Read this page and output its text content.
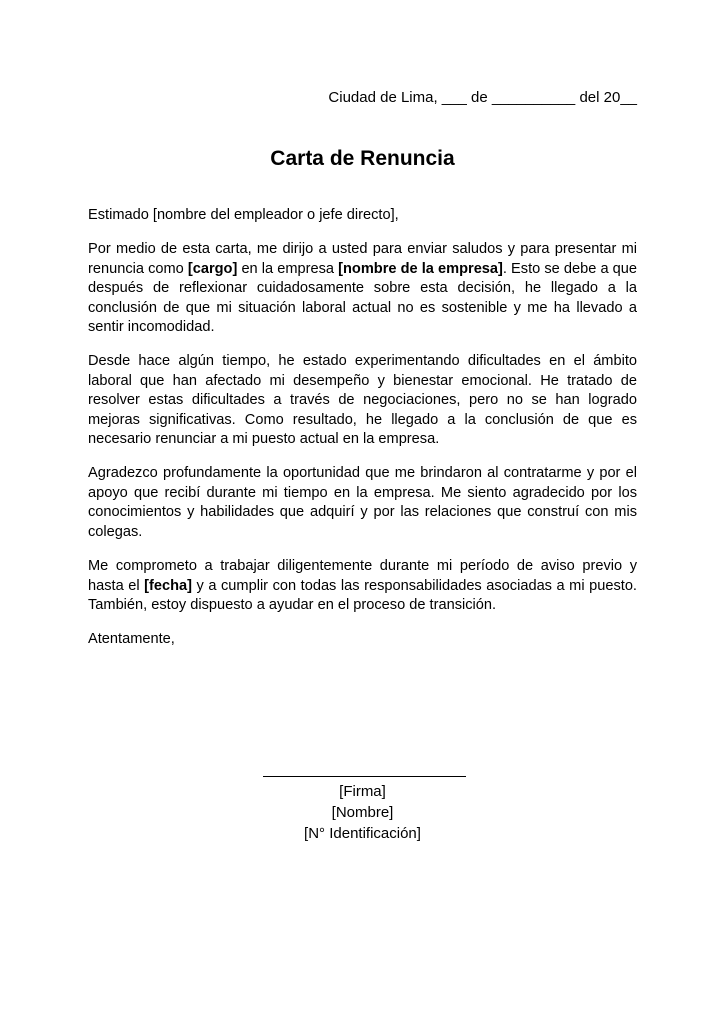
Ciudad de Lima, ___ de __________ del 20__
Carta de Renuncia

Estimado [nombre del empleador o jefe directo],

Por medio de esta carta, me dirijo a usted para enviar saludos y para presentar mi renuncia como [cargo] en la empresa [nombre de la empresa]. Esto se debe a que después de reflexionar cuidadosamente sobre esta decisión, he llegado a la conclusión de que mi situación laboral actual no es sostenible y me ha llevado a sentir incomodidad.

Desde hace algún tiempo, he estado experimentando dificultades en el ámbito laboral que han afectado mi desempeño y bienestar emocional. He tratado de resolver estas dificultades a través de negociaciones, pero no se han logrado mejoras significativas. Como resultado, he llegado a la conclusión de que es necesario renunciar a mi puesto actual en la empresa.

Agradezco profundamente la oportunidad que me brindaron al contratarme y por el apoyo que recibí durante mi tiempo en la empresa. Me siento agradecido por los conocimientos y habilidades que adquirí y por las relaciones que construí con mis colegas.

Me comprometo a trabajar diligentemente durante mi período de aviso previo y hasta el [fecha] y a cumplir con todas las responsabilidades asociadas a mi puesto. También, estoy dispuesto a ayudar en el proceso de transición.

Atentamente,

[Firma]
[Nombre]
[N° Identificación]
